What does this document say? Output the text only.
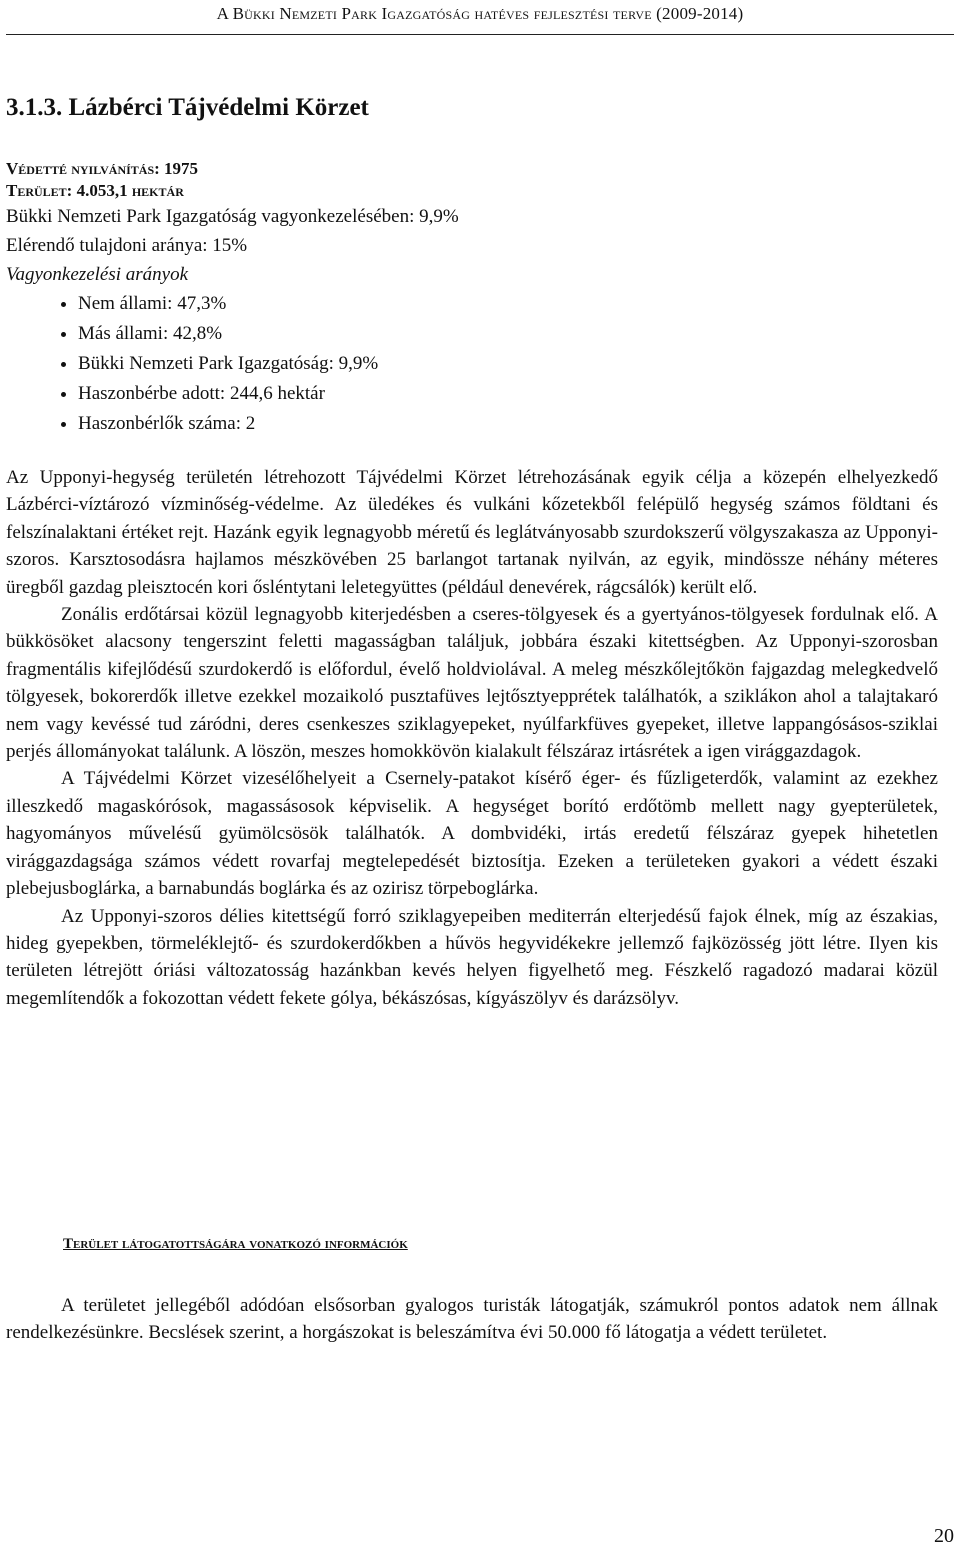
A Bükki Nemzeti Park Igazgatóság hatéves fejlesztési terve (2009-2014)
3.1.3. Lázbérci Tájvédelmi Körzet
Védetté nyilvánítás: 1975
Terület: 4.053,1 hektár
Bükki Nemzeti Park Igazgatóság vagyonkezelésében: 9,9%
Elérendő tulajdoni aránya: 15%
Vagyonkezelési arányok
• Nem állami: 47,3%
• Más állami: 42,8%
• Bükki Nemzeti Park Igazgatóság: 9,9%
• Haszonbérbe adott: 244,6 hektár
• Haszonbérlők száma: 2

Az Upponyi-hegység területén létrehozott Tájvédelmi Körzet létrehozásának egyik célja a közepén elhelyezkedő Lázbérci-víztározó vízminőség-védelme. Az üledékes és vulkáni kőzetekből felépülő hegység számos földtani és felszínalaktani értéket rejt. Hazánk egyik legnagyobb méretű és leglátványosabb szurdokszerű völgyszakasza az Upponyi-szoros. Karsztosodásra hajlamos mészkövében 25 barlangot tartanak nyilván, az egyik, mindössze néhány méteres üregből gazdag pleisztocén kori ősléntytani leletegyüttes (például denevérek, rágcsálók) került elő.

Zonális erdőtársai közül legnagyobb kiterjedésben a cseres-tölgyesek és a gyertyános-tölgyesek fordulnak elő. A bükkösöket alacsony tengerszint feletti magasságban találjuk, jobbára északi kitettségben. Az Upponyi-szorosban fragmentális kifejlődésű szurdokerdő is előfordul, évelő holdviolával. A meleg mészkőlejtőkön fajgazdag melegkedvelő tölgyesek, bokorerdők illetve ezekkel mozaikoló pusztafüves lejtősztyepprétek találhatók, a sziklákon ahol a talajtakaró nem vagy kevéssé tud záródni, deres csenkeszes sziklagyepeket, nyúlfarkfüves gyepeket, illetve lappangósásos-sziklai perjés állományokat találunk. A löszön, meszes homokkövön kialakult félszáraz irtásrétek a igen virággazdagok.

A Tájvédelmi Körzet vizesélőhelyeit a Csernely-patakot kísérő éger- és fűzligeterdők, valamint az ezekhez illeszkedő magaskórósok, magassásosok képviselik. A hegységet borító erdőtömb mellett nagy gyepterületek, hagyományos művelésű gyümölcsösök találhatók. A dombvidéki, irtás eredetű félszáraz gyepek hihetetlen virággazdagsága számos védett rovarfaj megtelepedését biztosítja. Ezeken a területeken gyakori a védett északi plebejusboglárka, a barnabundás boglárka és az ozirisz törpeboglárka.

Az Upponyi-szoros délies kitettségű forró sziklagyepeiben mediterrán elterjedésű fajok élnek, míg az északias, hideg gyepekben, törmeléklejtő- és szurdokerdőkben a hűvös hegyvidékekre jellemző fajközösség jött létre. Ilyen kis területen létrejött óriási változatosság hazánkban kevés helyen figyelhető meg. Fészkelő ragadozó madarai közül megemlítendők a fokozottan védett fekete gólya, békászósas, kígyászölyv és darázsölyv.

Terület látogatottságára vonatkozó információk

A területet jellegéből adódóan elsősorban gyalogos turisták látogatják, számukról pontos adatok nem állnak rendelkezésünkre. Becslések szerint, a horgászokat is beleszámítva évi 50.000 fő látogatja a védett területet.

20
